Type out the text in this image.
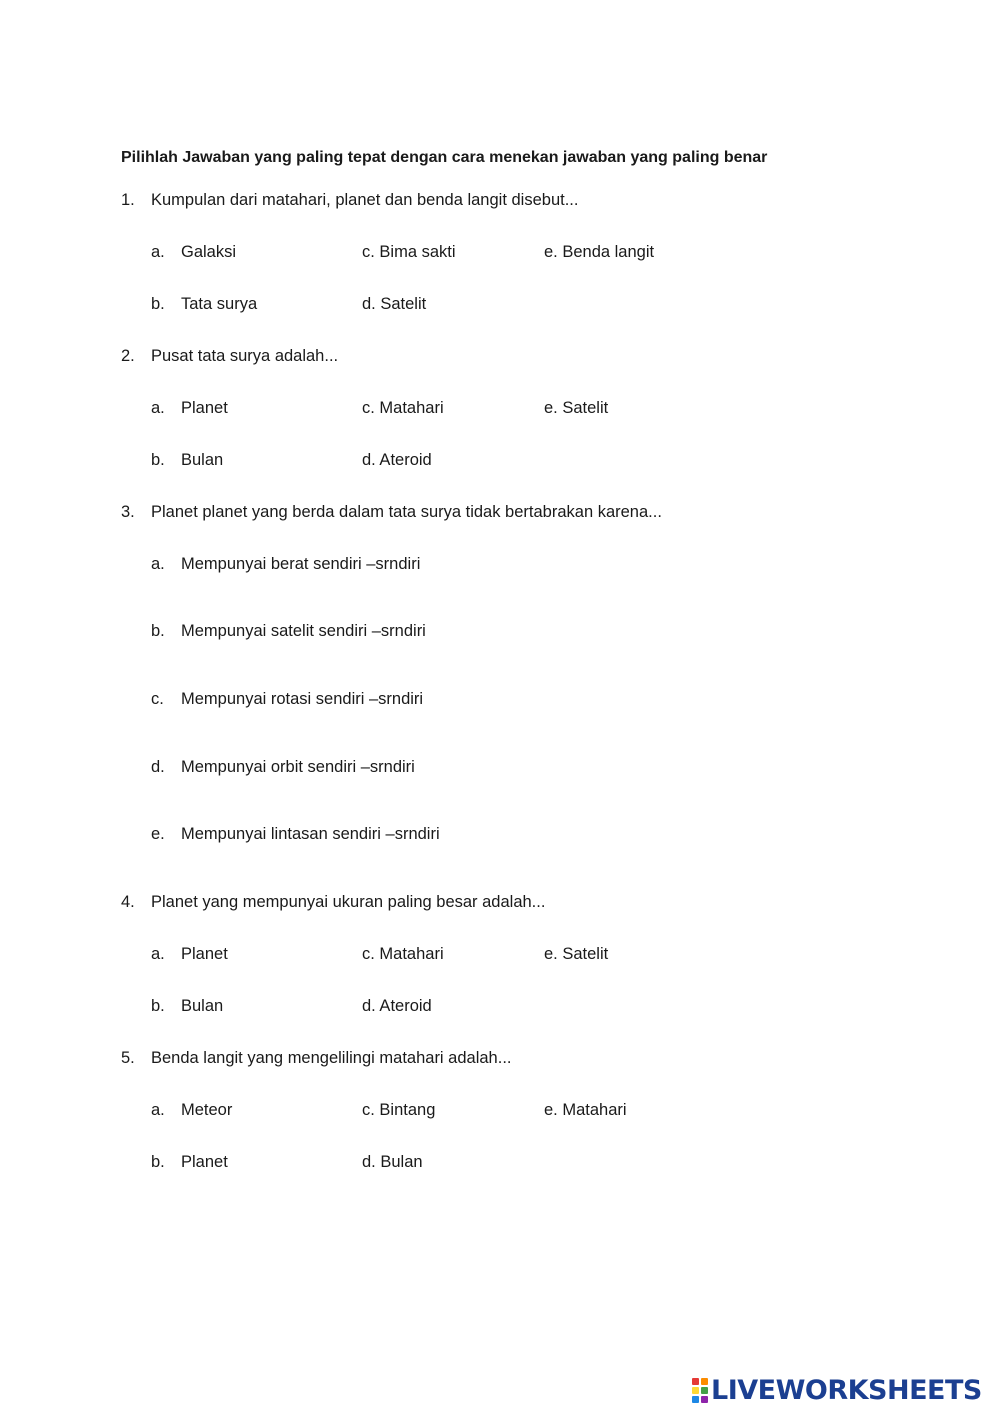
Pilihlah Jawaban yang paling tepat dengan cara menekan jawaban yang paling benar
1. Kumpulan dari matahari, planet dan benda langit disebut...
a. Galaksi
b. Tata surya
c. Bima sakti
d. Satelit
e. Benda langit
2. Pusat tata surya adalah...
a. Planet
b. Bulan
c. Matahari
d. Ateroid
e. Satelit
3. Planet planet yang berda dalam tata surya tidak bertabrakan karena...
a. Mempunyai berat sendiri –srndiri
b. Mempunyai satelit sendiri –srndiri
c. Mempunyai rotasi sendiri –srndiri
d. Mempunyai orbit sendiri –srndiri
e. Mempunyai lintasan sendiri –srndiri
4. Planet yang mempunyai ukuran paling besar adalah...
a. Planet
b. Bulan
c. Matahari
d. Ateroid
e. Satelit
5. Benda langit yang mengelilingi matahari adalah...
a. Meteor
b. Planet
c. Bintang
d. Bulan
e. Matahari
LIVEWORKSHEETS
